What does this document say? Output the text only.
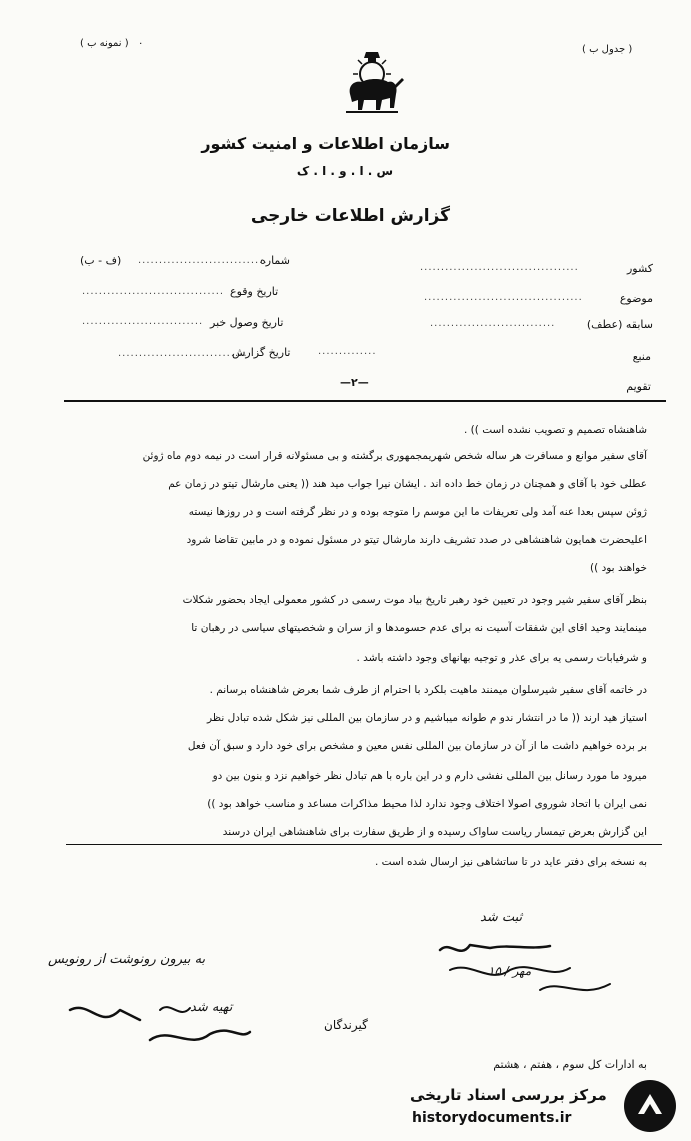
( نمونه ب ) ٠
( جدول ب )
سازمان اطلاعات و امنیت کشور
س . ا . و . ا . ک
گزارش اطلاعات خارجی
کشور
......................................
شماره
...............................
(ف - ب)
موضوع
......................................
تاریخ وقوع
..................................
سابقه (عطف)
..............................
تاریخ وصول خبر
.............................
منبع
..............
تاریخ گزارش
...............................
تقویم
—۲—
شاهنشاه تصمیم و تصویب نشده است )) .
آقای سفیر موانع و مسافرت هر ساله شخص شهریمجمهوری برگشته و بی مسئولانه قرار است در نیمه دوم ماه ژوئن
عطلی خود با آقای و همچنان در زمان خط داده اند . ایشان نیرا جواب مید هند (( یعنی مارشال تیتو در زمان عم
ژوئن سپس بعدا عنه آمد ولی تعریفات ما این موسم را متوجه بوده و در نظر گرفته است و در روزها نیسته
اعلیحضرت همایون شاهنشاهی در صدد تشریف دارند مارشال تیتو در مسئول نموده و در مابین تقاضا شرود
خواهند بود ))
بنظر آقای سفیر شیر وجود در تعیین خود رهبر تاریخ بیاد موت رسمی در کشور معمولی ایجاد بحضور شکلات
مینمایند وحید اقای این شفقات آسیت نه برای عدم حسومدها و از سران و شخصیتهای سیاسی در رهبان تا
و شرفیابات رسمی یه برای عذر و توجیه بهانهای وجود داشته باشد .
در خاتمه آقای سفیر شیرسلوان میمنند ماهیت بلکرد با احترام از طرف شما بعرض شاهنشاه برسانم .
استیاز هید ارند (( ما در انتشار ندو م طوانه میباشیم و در سازمان بین المللی نیز شکل شده تبادل نظر
بر برده خواهیم داشت ما از آن در سازمان بین المللی نفس معین و مشخص برای خود دارد و سبق آن فعل
میرود ما مورد رسانل بین المللی نفشی دارم و در این باره با هم تبادل نظر خواهیم نزد و بنون بین دو
نمی ایران با اتحاد شوروی اصولا اختلاف وجود ندارد لذا محیط مذاکرات مساعد و مناسب خواهد بود ))
این گزارش بعرض تیمسار ریاست ساواک رسیده و از طریق سفارت برای شاهنشاهی ایران درسند
به نسخه برای دفتر عاید در تا ساتشاهی نیز ارسال شده است .
ثبت شد
۱۵ / مهر
به بیرون رونوشت از رونویس
تهیه شد
گیرندگان
به ادارات کل سوم ، هفتم ، هشتم
مرکز بررسی اسناد تاریخی
historydocuments.ir
